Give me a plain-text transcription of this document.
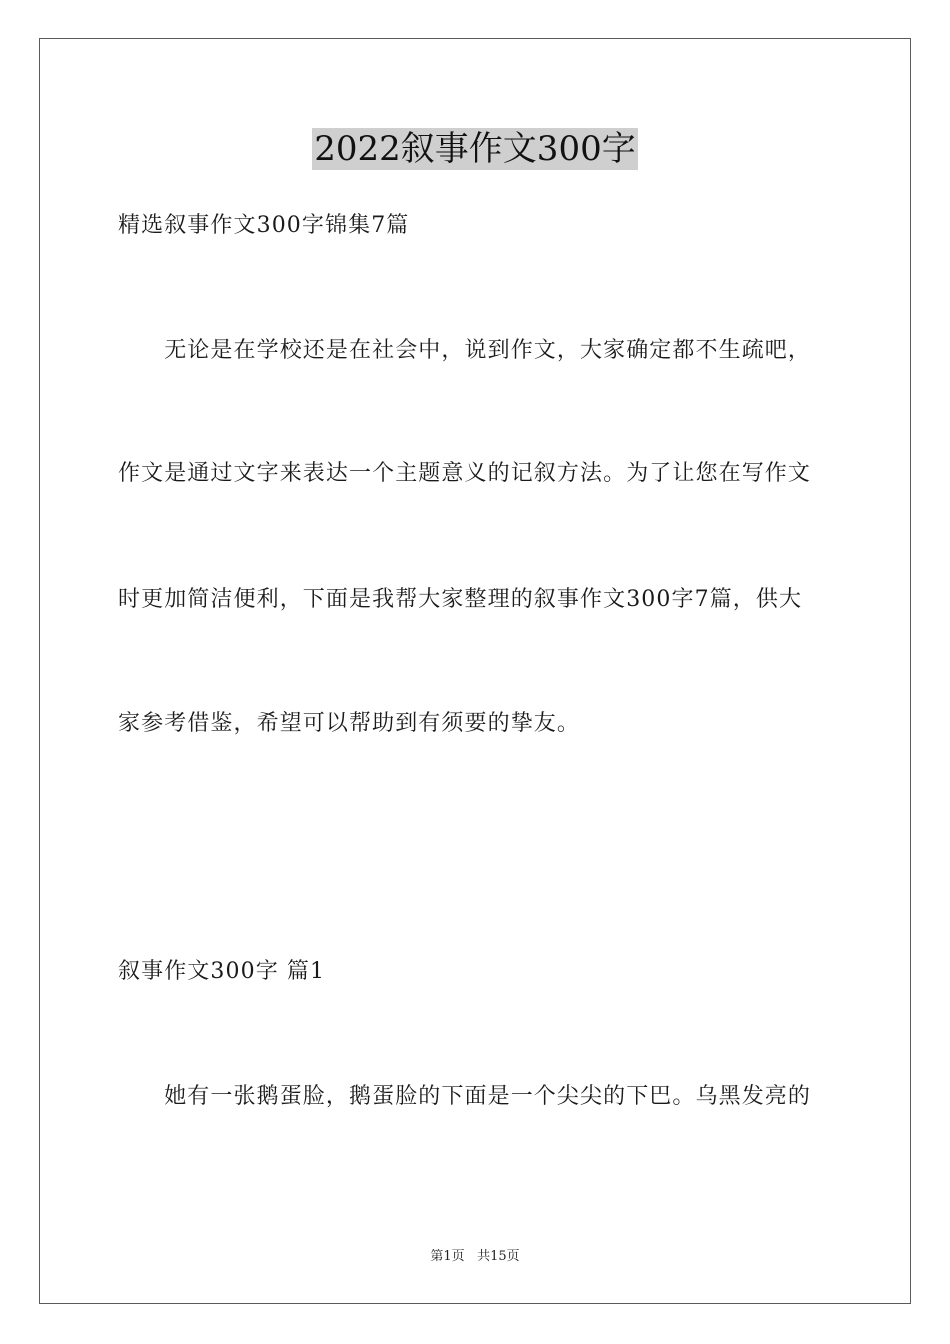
2022叙事作文300字
精选叙事作文300字锦集7篇
　　无论是在学校还是在社会中，说到作文，大家确定都不生疏吧，
作文是通过文字来表达一个主题意义的记叙方法。为了让您在写作文
时更加简洁便利，下面是我帮大家整理的叙事作文300字7篇，供大
家参考借鉴，希望可以帮助到有须要的挚友。
叙事作文300字 篇1
　　她有一张鹅蛋脸，鹅蛋脸的下面是一个尖尖的下巴。乌黑发亮的
第1页 共15页
